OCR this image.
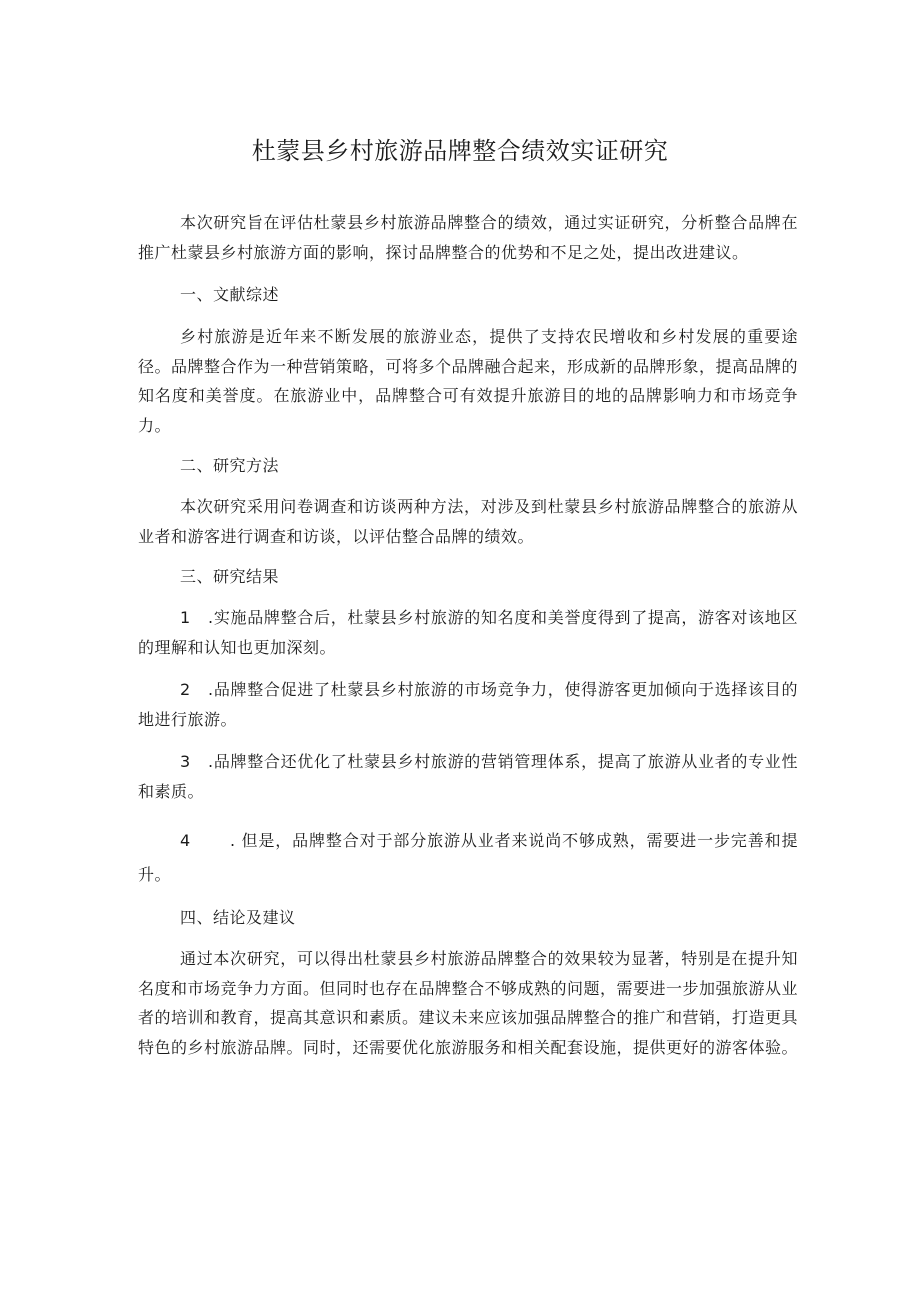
杜蒙县乡村旅游品牌整合绩效实证研究
本次研究旨在评估杜蒙县乡村旅游品牌整合的绩效，通过实证研究，分析整合品牌在推广杜蒙县乡村旅游方面的影响，探讨品牌整合的优势和不足之处，提出改进建议。
一、文献综述
乡村旅游是近年来不断发展的旅游业态，提供了支持农民增收和乡村发展的重要途径。品牌整合作为一种营销策略，可将多个品牌融合起来，形成新的品牌形象，提高品牌的知名度和美誉度。在旅游业中，品牌整合可有效提升旅游目的地的品牌影响力和市场竞争力。
二、研究方法
本次研究采用问卷调查和访谈两种方法，对涉及到杜蒙县乡村旅游品牌整合的旅游从业者和游客进行调查和访谈，以评估整合品牌的绩效。
三、研究结果
1 .实施品牌整合后，杜蒙县乡村旅游的知名度和美誉度得到了提高，游客对该地区的理解和认知也更加深刻。
2 .品牌整合促进了杜蒙县乡村旅游的市场竞争力，使得游客更加倾向于选择该目的地进行旅游。
3 .品牌整合还优化了杜蒙县乡村旅游的营销管理体系，提高了旅游从业者的专业性和素质。
4 . 但是，品牌整合对于部分旅游从业者来说尚不够成熟，需要进一步完善和提升。
四、结论及建议
通过本次研究，可以得出杜蒙县乡村旅游品牌整合的效果较为显著，特别是在提升知名度和市场竞争力方面。但同时也存在品牌整合不够成熟的问题，需要进一步加强旅游从业者的培训和教育，提高其意识和素质。建议未来应该加强品牌整合的推广和营销，打造更具特色的乡村旅游品牌。同时，还需要优化旅游服务和相关配套设施，提供更好的游客体验。
